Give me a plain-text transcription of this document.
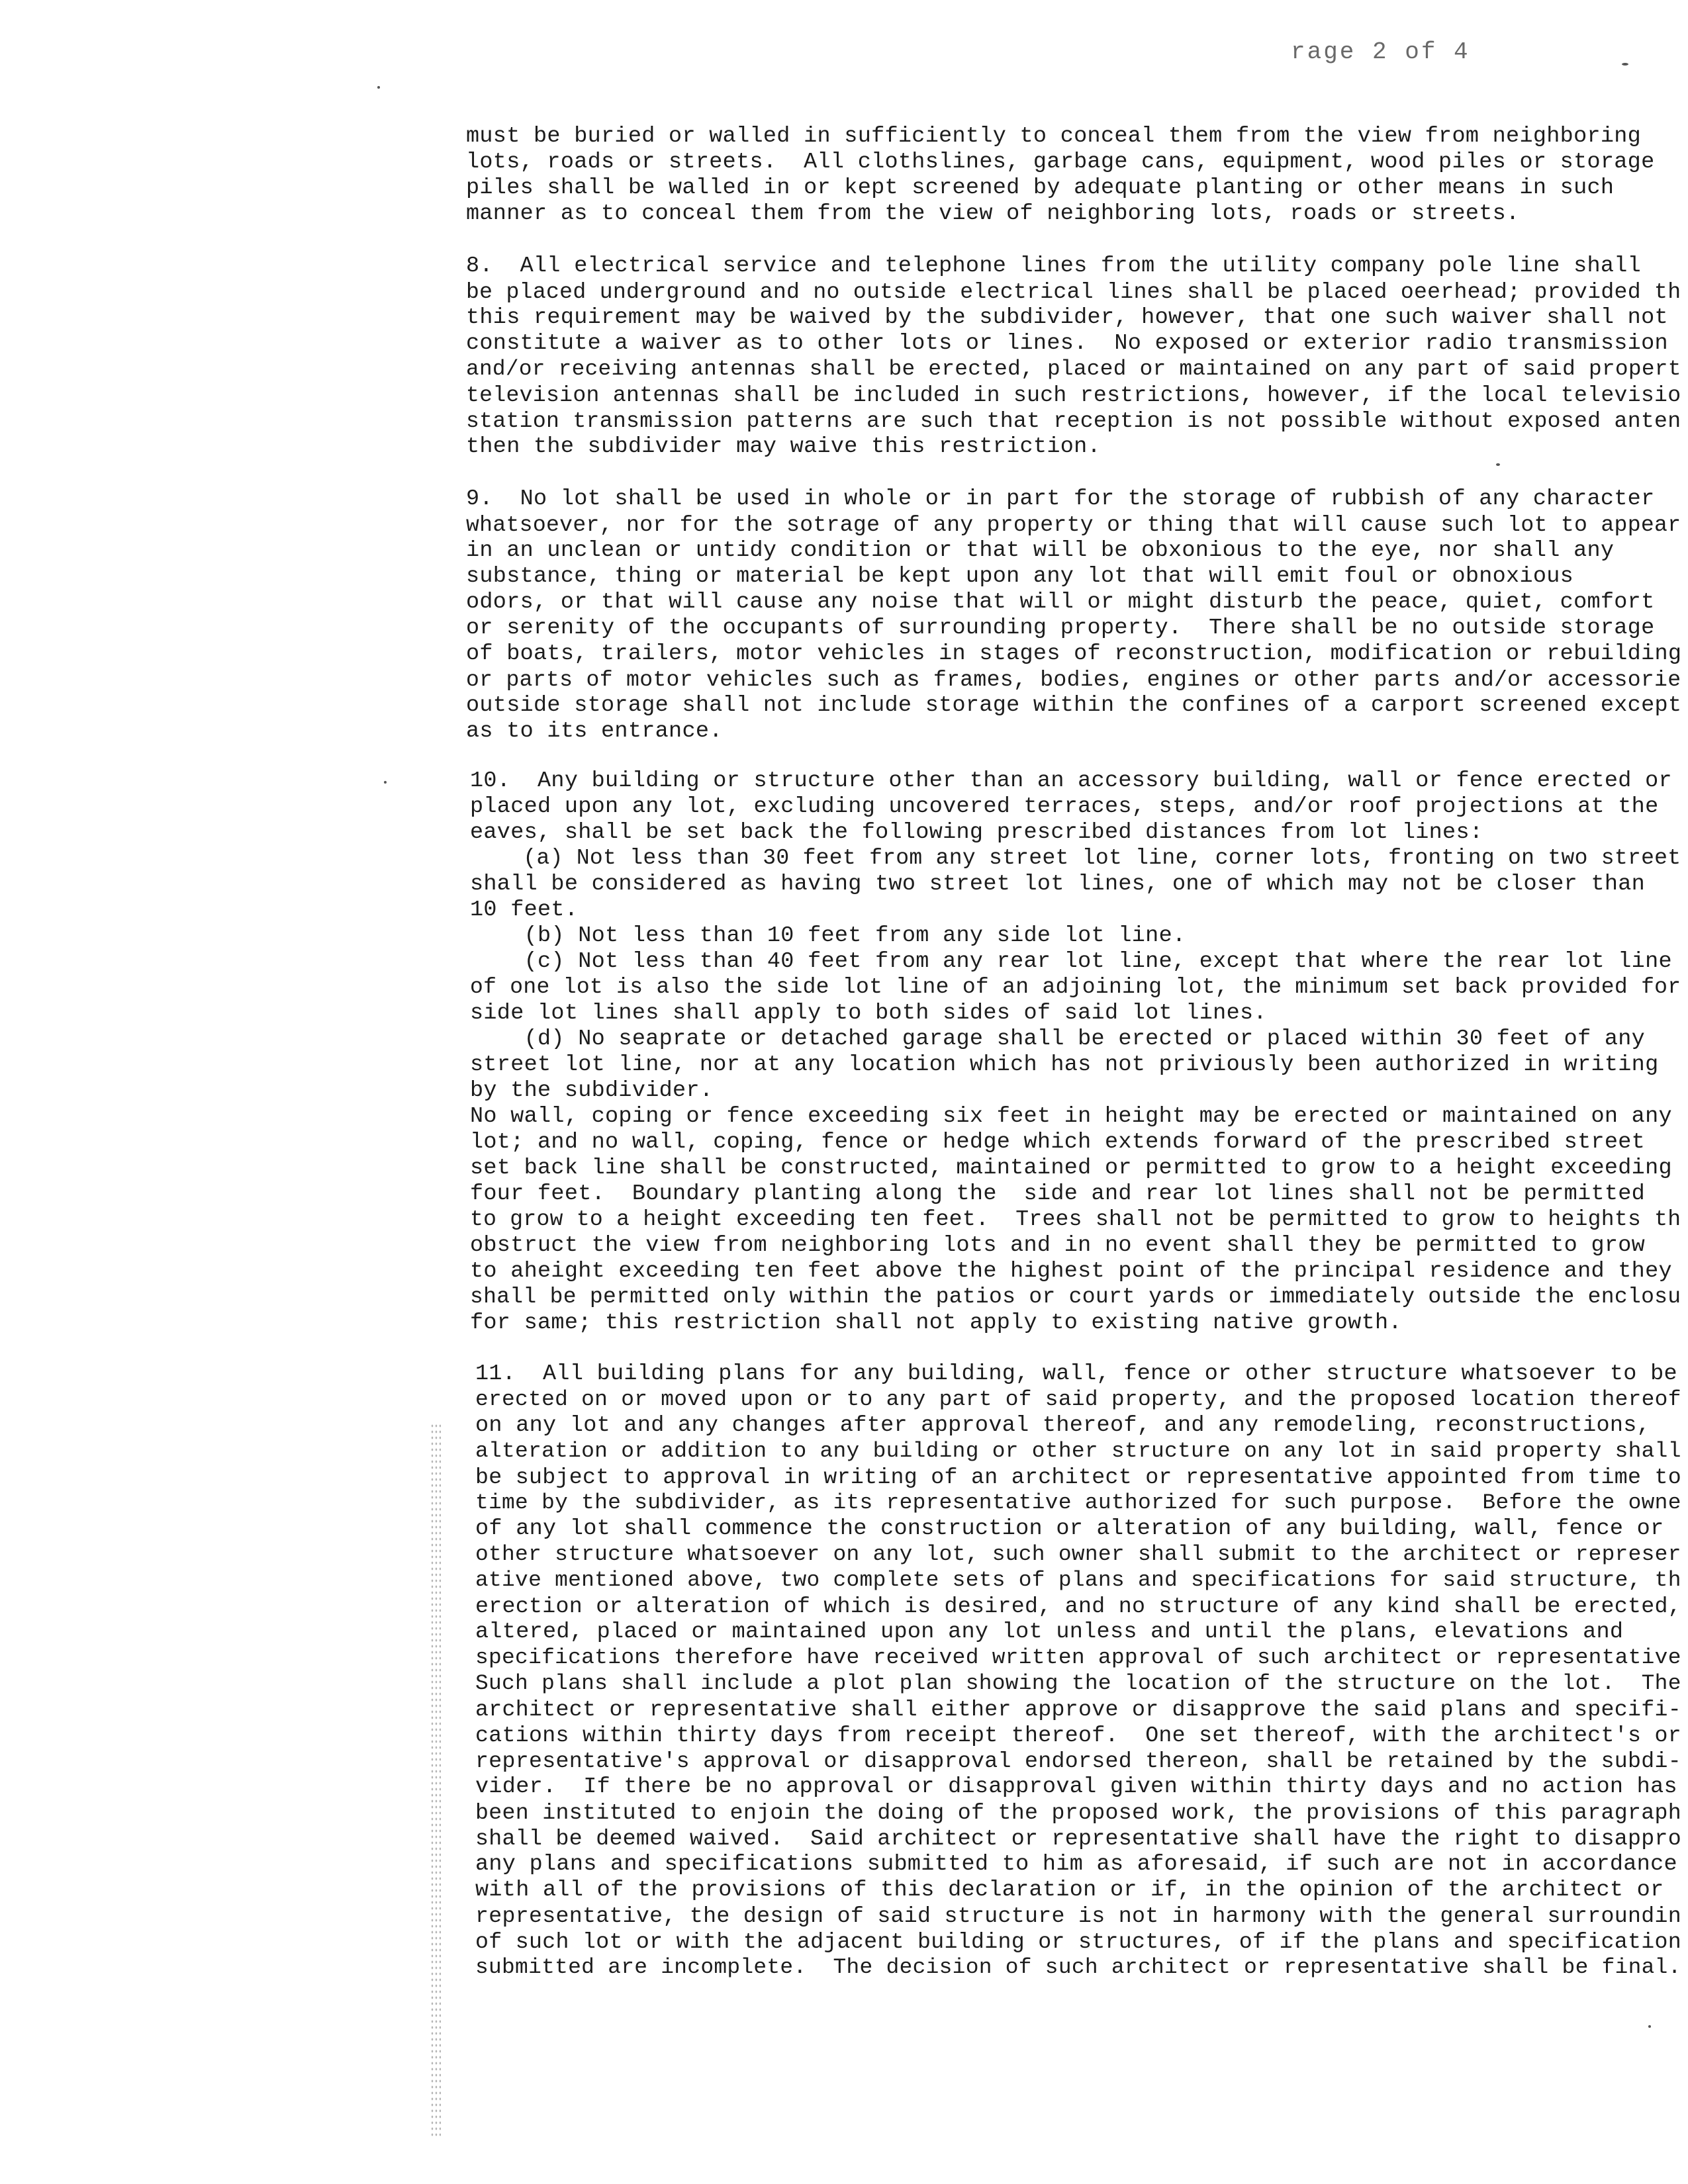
rage 2 of 4
must be buried or walled in sufficiently to conceal them from the view from neighboring
lots, roads or streets.  All clothslines, garbage cans, equipment, wood piles or storage
piles shall be walled in or kept screened by adequate planting or other means in such
manner as to conceal them from the view of neighboring lots, roads or streets.
8.  All electrical service and telephone lines from the utility company pole line shall
be placed underground and no outside electrical lines shall be placed oeerhead; provided th
this requirement may be waived by the subdivider, however, that one such waiver shall not
constitute a waiver as to other lots or lines.  No exposed or exterior radio transmission
and/or receiving antennas shall be erected, placed or maintained on any part of said propert
television antennas shall be included in such restrictions, however, if the local televisio
station transmission patterns are such that reception is not possible without exposed anten
then the subdivider may waive this restriction.
9.  No lot shall be used in whole or in part for the storage of rubbish of any character
whatsoever, nor for the sotrage of any property or thing that will cause such lot to appear
in an unclean or untidy condition or that will be obxonious to the eye, nor shall any
substance, thing or material be kept upon any lot that will emit foul or obnoxious
odors, or that will cause any noise that will or might disturb the peace, quiet, comfort
or serenity of the occupants of surrounding property.  There shall be no outside storage
of boats, trailers, motor vehicles in stages of reconstruction, modification or rebuilding
or parts of motor vehicles such as frames, bodies, engines or other parts and/or accessorie
outside storage shall not include storage within the confines of a carport screened except
as to its entrance.
10.  Any building or structure other than an accessory building, wall or fence erected or
placed upon any lot, excluding uncovered terraces, steps, and/or roof projections at the
eaves, shall be set back the following prescribed distances from lot lines:
(a) Not less than 30 feet from any street lot line, corner lots, fronting on two street
shall be considered as having two street lot lines, one of which may not be closer than
10 feet.
(b) Not less than 10 feet from any side lot line.
(c) Not less than 40 feet from any rear lot line, except that where the rear lot line
of one lot is also the side lot line of an adjoining lot, the minimum set back provided for
side lot lines shall apply to both sides of said lot lines.
(d) No seaprate or detached garage shall be erected or placed within 30 feet of any
street lot line, nor at any location which has not priviously been authorized in writing
by the subdivider.
No wall, coping or fence exceeding six feet in height may be erected or maintained on any
lot; and no wall, coping, fence or hedge which extends forward of the prescribed street
set back line shall be constructed, maintained or permitted to grow to a height exceeding
four feet.  Boundary planting along the  side and rear lot lines shall not be permitted
to grow to a height exceeding ten feet.  Trees shall not be permitted to grow to heights th
obstruct the view from neighboring lots and in no event shall they be permitted to grow
to aheight exceeding ten feet above the highest point of the principal residence and they
shall be permitted only within the patios or court yards or immediately outside the enclosu
for same; this restriction shall not apply to existing native growth.
11.  All building plans for any building, wall, fence or other structure whatsoever to be
erected on or moved upon or to any part of said property, and the proposed location thereof
on any lot and any changes after approval thereof, and any remodeling, reconstructions,
alteration or addition to any building or other structure on any lot in said property shall
be subject to approval in writing of an architect or representative appointed from time to
time by the subdivider, as its representative authorized for such purpose.  Before the owne
of any lot shall commence the construction or alteration of any building, wall, fence or
other structure whatsoever on any lot, such owner shall submit to the architect or represer
ative mentioned above, two complete sets of plans and specifications for said structure, th
erection or alteration of which is desired, and no structure of any kind shall be erected,
altered, placed or maintained upon any lot unless and until the plans, elevations and
specifications therefore have received written approval of such architect or representative
Such plans shall include a plot plan showing the location of the structure on the lot.  The
architect or representative shall either approve or disapprove the said plans and specifi-
cations within thirty days from receipt thereof.  One set thereof, with the architect's or
representative's approval or disapproval endorsed thereon, shall be retained by the subdi-
vider.  If there be no approval or disapproval given within thirty days and no action has
been instituted to enjoin the doing of the proposed work, the provisions of this paragraph
shall be deemed waived.  Said architect or representative shall have the right to disappro
any plans and specifications submitted to him as aforesaid, if such are not in accordance
with all of the provisions of this declaration or if, in the opinion of the architect or
representative, the design of said structure is not in harmony with the general surroundin
of such lot or with the adjacent building or structures, of if the plans and specification
submitted are incomplete.  The decision of such architect or representative shall be final.
